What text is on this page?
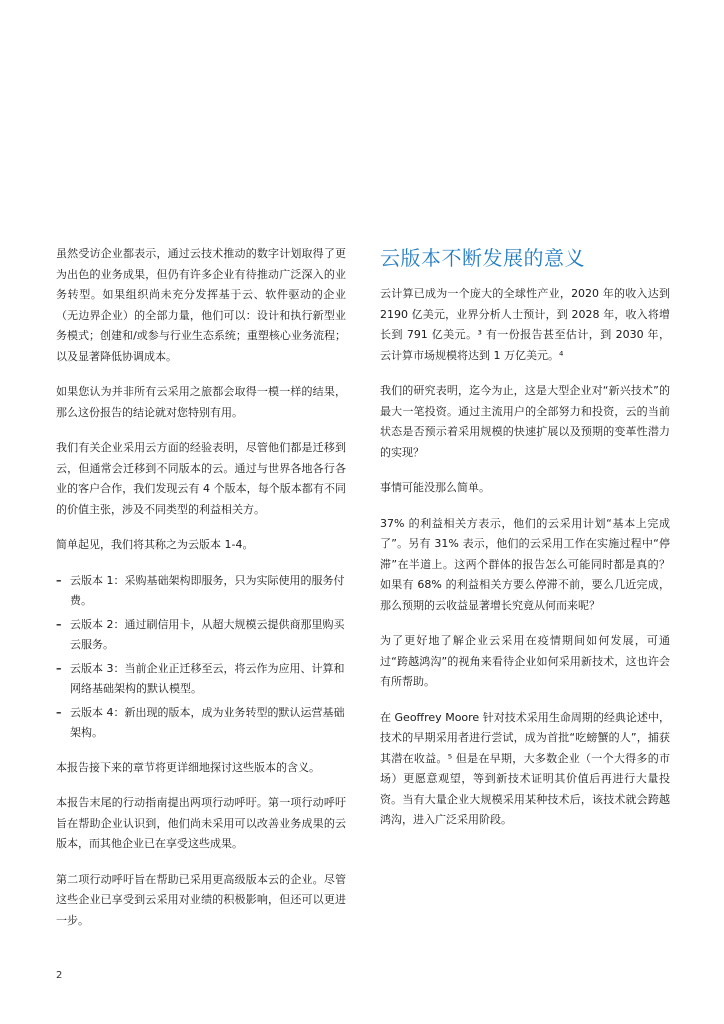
虽然受访企业都表示，通过云技术推动的数字计划取得了更为出色的业务成果，但仍有许多企业有待推动广泛深入的业务转型。如果组织尚未充分发挥基于云、软件驱动的企业（无边界企业）的全部力量，他们可以：设计和执行新型业务模式；创建和/或参与行业生态系统；重塑核心业务流程；以及显著降低协调成本。

如果您认为并非所有云采用之旅都会取得一模一样的结果，那么这份报告的结论就对您特别有用。

我们有关企业采用云方面的经验表明，尽管他们都是迁移到云，但通常会迁移到不同版本的云。通过与世界各地各行各业的客户合作，我们发现云有 4 个版本，每个版本都有不同的价值主张，涉及不同类型的利益相关方。

简单起见，我们将其称之为云版本 1-4。

– 云版本 1：采购基础架构即服务，只为实际使用的服务付费。
– 云版本 2：通过刷信用卡，从超大规模云提供商那里购买云服务。
– 云版本 3：当前企业正迁移至云，将云作为应用、计算和网络基础架构的默认模型。
– 云版本 4：新出现的版本，成为业务转型的默认运营基础架构。

本报告接下来的章节将更详细地探讨这些版本的含义。

本报告末尾的行动指南提出两项行动呼吁。第一项行动呼吁旨在帮助企业认识到，他们尚未采用可以改善业务成果的云版本，而其他企业已在享受这些成果。

第二项行动呼吁旨在帮助已采用更高级版本云的企业。尽管这些企业已享受到云采用对业绩的积极影响，但还可以更进一步。

云版本不断发展的意义

云计算已成为一个庞大的全球性产业，2020 年的收入达到2190 亿美元，业界分析人士预计，到 2028 年，收入将增长到 791 亿美元。³ 有一份报告甚至估计，到 2030 年，云计算市场规模将达到 1 万亿美元。⁴

我们的研究表明，迄今为止，这是大型企业对“新兴技术”的最大一笔投资。通过主流用户的全部努力和投资，云的当前状态是否预示着采用规模的快速扩展以及预期的变革性潜力的实现？

事情可能没那么简单。

37% 的利益相关方表示，他们的云采用计划“基本上完成了”。另有 31% 表示，他们的云采用工作在实施过程中“停滞”在半道上。这两个群体的报告怎么可能同时都是真的？如果有 68% 的利益相关方要么停滞不前，要么几近完成，那么预期的云收益显著增长究竟从何而来呢？

为了更好地了解企业云采用在疫情期间如何发展，可通过“跨越鸿沟”的视角来看待企业如何采用新技术，这也许会有所帮助。

在 Geoffrey Moore 针对技术采用生命周期的经典论述中，技术的早期采用者进行尝试，成为首批“吃螃蟹的人”，捕获其潜在收益。⁵ 但是在早期，大多数企业（一个大得多的市场）更愿意观望，等到新技术证明其价值后再进行大量投资。当有大量企业大规模采用某种技术后，该技术就会跨越鸿沟，进入广泛采用阶段。

2
